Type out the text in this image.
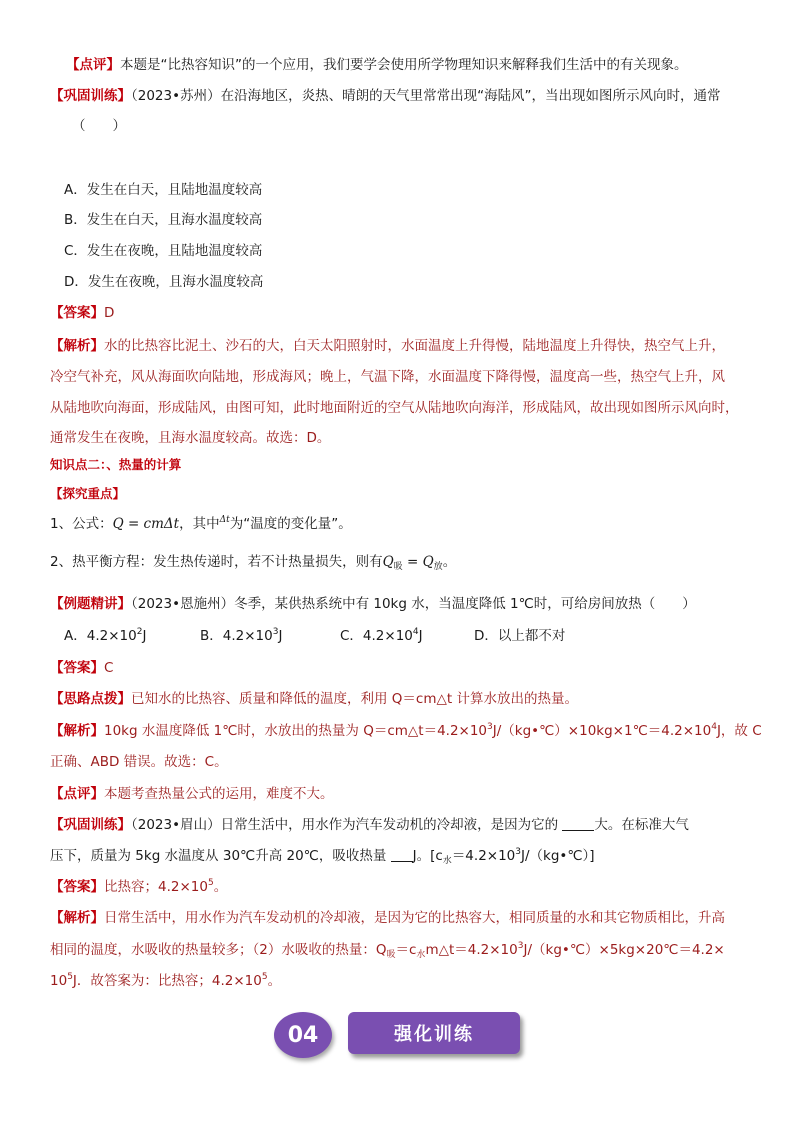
【点评】本题是“比热容知识”的一个应用，我们要学会使用所学物理知识来解释我们生活中的有关现象。
【巩固训练】（2023•苏州）在沿海地区，炎热、晴朗的天气里常常出现“海陆风”，当出现如图所示风向时，通常
（　　）
A．发生在白天，且陆地温度较高
B．发生在白天，且海水温度较高
C．发生在夜晚，且陆地温度较高
D．发生在夜晚，且海水温度较高
【答案】D
【解析】水的比热容比泥土、沙石的大，白天太阳照射时，水面温度上升得慢，陆地温度上升得快，热空气上升，
冷空气补充，风从海面吹向陆地，形成海风；晚上，气温下降，水面温度下降得慢，温度高一些，热空气上升，风
从陆地吹向海面，形成陆风，由图可知，此时地面附近的空气从陆地吹向海洋，形成陆风，故出现如图所示风向时，
通常发生在夜晚，且海水温度较高。故选：D。
知识点二：、热量的计算
【探究重点】
1、公式：Q = cmΔt，其中$^{\Delta t}$为“温度的变化量”。
2、热平衡方程：发生热传递时，若不计热量损失，则有$Q_吸 = Q_放$。
【例题精讲】（2023•恩施州）冬季，某供热系统中有 10kg 水，当温度降低 1℃时，可给房间放热（　　）
A．$4.2\times 10^2J$	B．$4.2\times 10^3J$	C．$4.2\times 10^4J$	D．以上都不对
【答案】C
【思路点拨】已知水的比热容、质量和降低的温度，利用 Q＝cm△t 计算水放出的热量。
【解析】10kg 水温度降低 1℃时，水放出的热量为 $Q=cm\triangle t=4.2\times 10^3J/(kg•℃)\times 10kg\times 1℃=4.2\times 10^4J$，故 C
正确、ABD 错误。故选：C。
【点评】本题考查热量公式的运用，难度不大。
【巩固训练】（2023•眉山）日常生活中，用水作为汽车发动机的冷却液，是因为它的	大。在标准大气
压下，质量为 5kg 水温度从 30℃升高 20℃，吸收热量 J。$[c_水=4.2\times 10^3J/(kg•℃)]$
【答案】比热容；$4.2\times 10^5$。
【解析】日常生活中，用水作为汽车发动机的冷却液，是因为它的比热容大，相同质量的水和其它物质相比，升高
相同的温度，水吸收的热量较多；（2）水吸收的热量：$Q_吸=c_水m\triangle t=4.2\times 10^3J/(kg•℃)\times 5kg\times 20℃=4.2\times$
$10^5J$．故答案为：比热容；$4.2\times 10^5$。
04	强化训练
